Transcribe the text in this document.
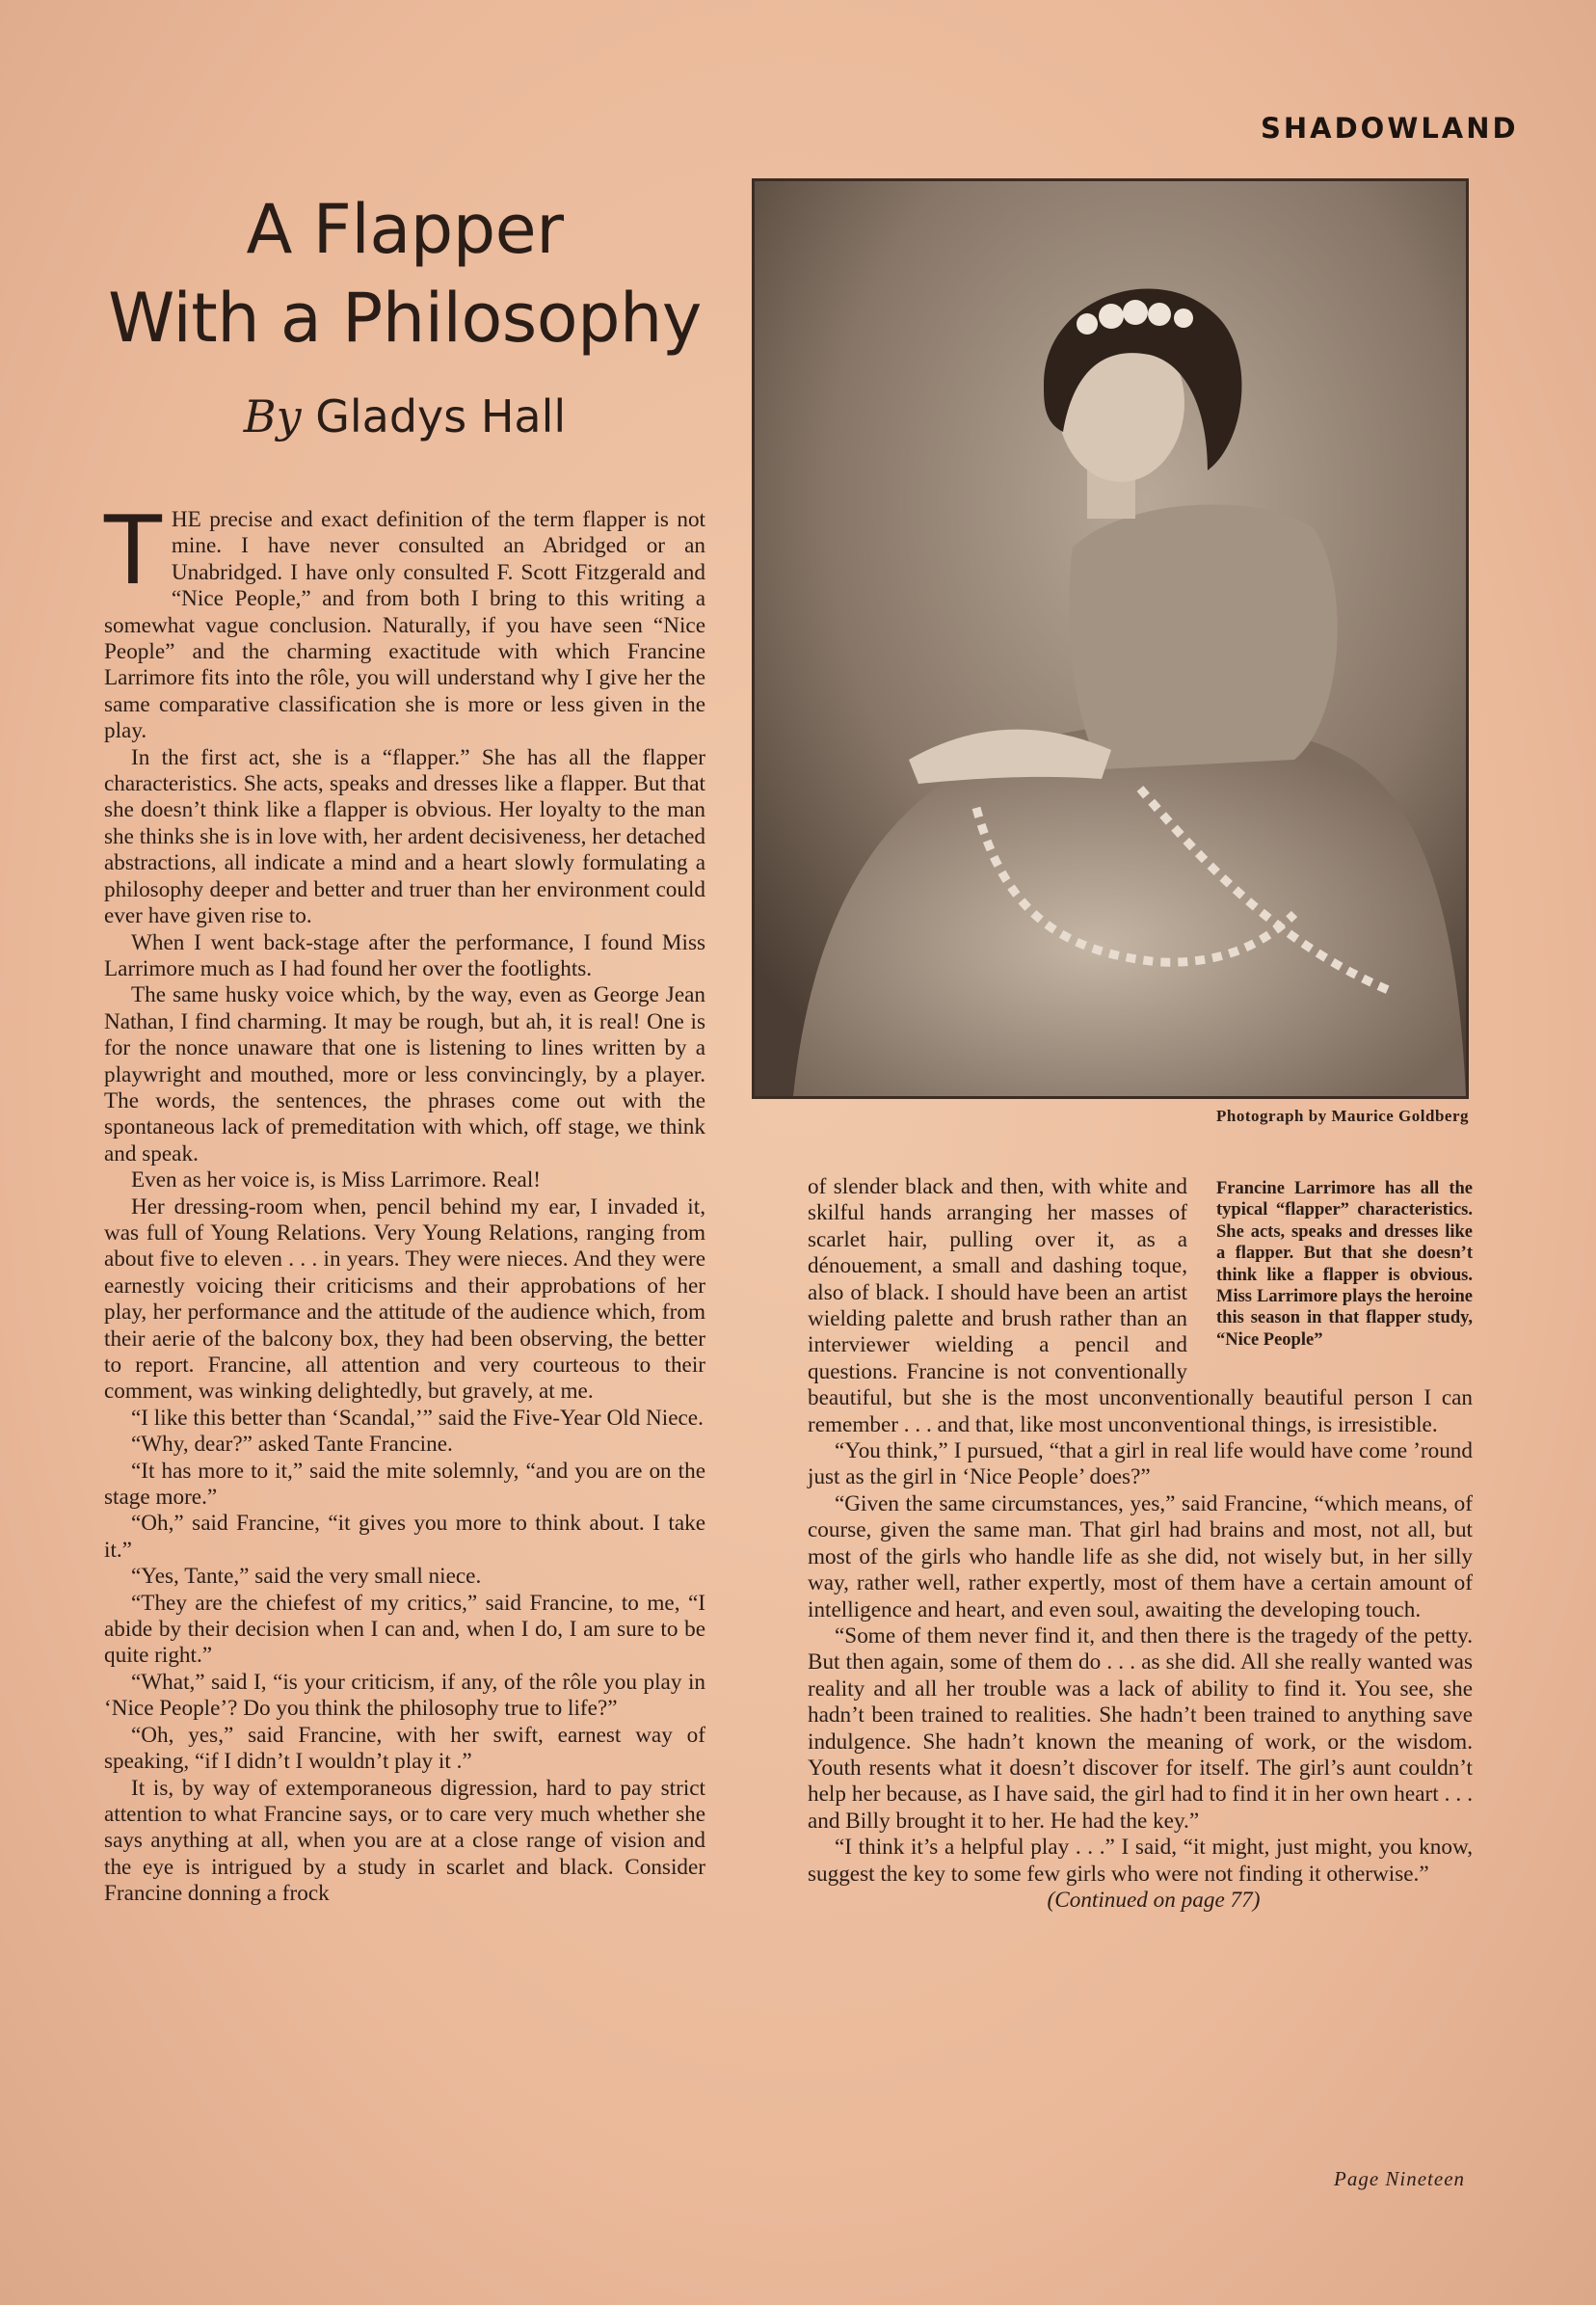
SHADOWLAND
A Flapper
With a Philosophy
By Gladys Hall
Photograph by Maurice Goldberg

THE precise and exact definition of the term flapper is not mine. I have never consulted an Abridged or an Unabridged. I have only consulted F. Scott Fitzgerald and “Nice People,” and from both I bring to this writing a somewhat vague conclusion. Naturally, if you have seen “Nice People” and the charming exactitude with which Francine Larrimore fits into the rôle, you will understand why I give her the same comparative classification she is more or less given in the play.

In the first act, she is a “flapper.” She has all the flapper characteristics. She acts, speaks and dresses like a flapper. But that she doesn’t think like a flapper is obvious. Her loyalty to the man she thinks she is in love with, her ardent decisiveness, her detached abstractions, all indicate a mind and a heart slowly formulating a philosophy deeper and better and truer than her environment could ever have given rise to.

When I went back-stage after the performance, I found Miss Larrimore much as I had found her over the footlights.

The same husky voice which, by the way, even as George Jean Nathan, I find charming. It may be rough, but ah, it is real! One is for the nonce unaware that one is listening to lines written by a playwright and mouthed, more or less convincingly, by a player. The words, the sentences, the phrases come out with the spontaneous lack of premeditation with which, off stage, we think and speak.

Even as her voice is, is Miss Larrimore. Real!

Her dressing-room when, pencil behind my ear, I invaded it, was full of Young Relations. Very Young Relations, ranging from about five to eleven . . . in years. They were nieces. And they were earnestly voicing their criticisms and their approbations of her play, her performance and the attitude of the audience which, from their aerie of the balcony box, they had been observing, the better to report. Francine, all attention and very courteous to their comment, was winking delightedly, but gravely, at me.

“I like this better than ‘Scandal,’” said the Five-Year Old Niece.

“Why, dear?” asked Tante Francine.

“It has more to it,” said the mite solemnly, “and you are on the stage more.”

“Oh,” said Francine, “it gives you more to think about. I take it.”

“Yes, Tante,” said the very small niece.

“They are the chiefest of my critics,” said Francine, to me, “I abide by their decision when I can and, when I do, I am sure to be quite right.”

“What,” said I, “is your criticism, if any, of the rôle you play in ‘Nice People’? Do you think the philosophy true to life?”

“Oh, yes,” said Francine, with her swift, earnest way of speaking, “if I didn’t I wouldn’t play it .”

It is, by way of extemporaneous digression, hard to pay strict attention to what Francine says, or to care very much whether she says anything at all, when you are at a close range of vision and the eye is intrigued by a study in scarlet and black. Consider Francine donning a frock

Francine Larrimore has all the typical “flapper” characteristics. She acts, speaks and dresses like a flapper. But that she doesn’t think like a flapper is obvious. Miss Larrimore plays the heroine this season in that flapper study, “Nice People”

of slender black and then, with white and skilful hands arranging her masses of scarlet hair, pulling over it, as a dénouement, a small and dashing toque, also of black. I should have been an artist wielding palette and brush rather than an interviewer wielding a pencil and questions. Francine is not conventionally beautiful, but she is the most unconventionally beautiful person I can remember . . . and that, like most unconventional things, is irresistible.

“You think,” I pursued, “that a girl in real life would have come ’round just as the girl in ‘Nice People’ does?”

“Given the same circumstances, yes,” said Francine, “which means, of course, given the same man. That girl had brains and most, not all, but most of the girls who handle life as she did, not wisely but, in her silly way, rather well, rather expertly, most of them have a certain amount of intelligence and heart, and even soul, awaiting the developing touch.

“Some of them never find it, and then there is the tragedy of the petty. But then again, some of them do . . . as she did. All she really wanted was reality and all her trouble was a lack of ability to find it. You see, she hadn’t been trained to realities. She hadn’t been trained to anything save indulgence. She hadn’t known the meaning of work, or the wisdom. Youth resents what it doesn’t discover for itself. The girl’s aunt couldn’t help her because, as I have said, the girl had to find it in her own heart . . . and Billy brought it to her. He had the key.”

“I think it’s a helpful play . . .” I said, “it might, just might, you know, suggest the key to some few girls who were not finding it otherwise.”

(Continued on page 77)

Page Nineteen
